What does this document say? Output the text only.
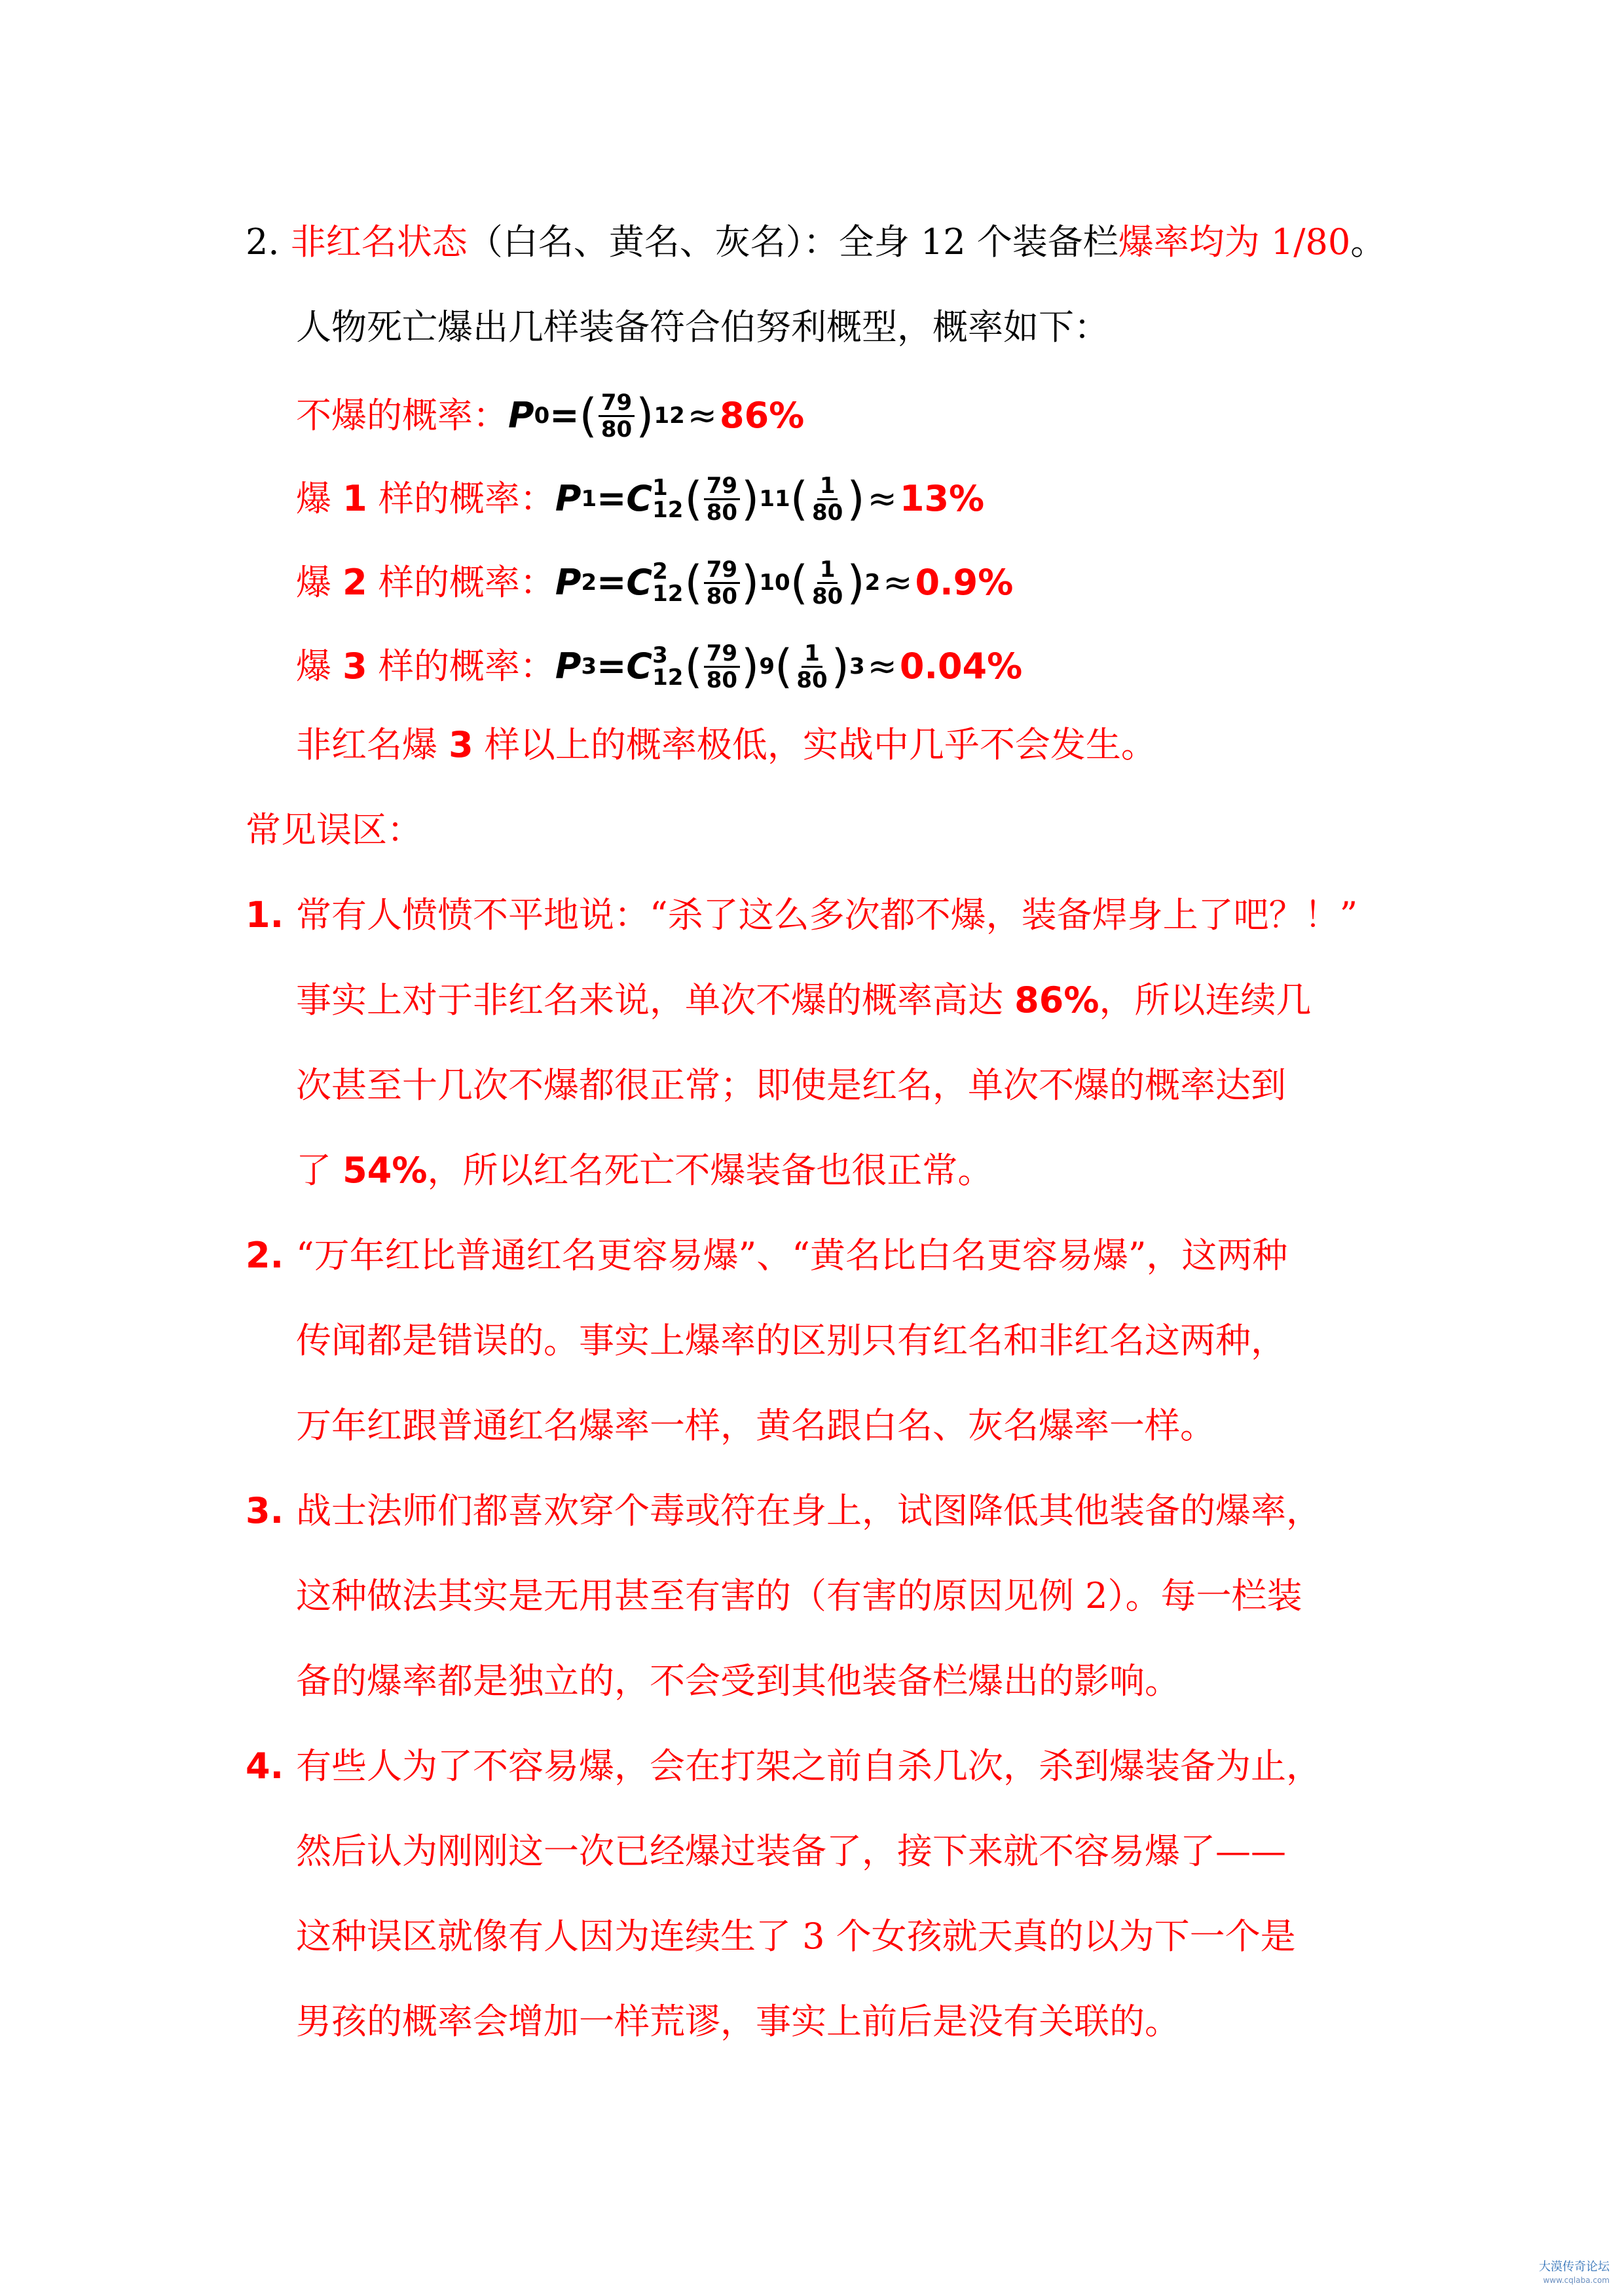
2. 非红名状态（白名、黄名、灰名）：全身 12 个装备栏爆率均为 1/80。
人物死亡爆出几样装备符合伯努利概型，概率如下：
不爆的概率： P 0 = ( $\frac{79}{80}$ ) 12 ≈ 86%
爆 1 样的概率： P 1 = C 1
12 ( $\frac{79}{80}$ ) 11 ( $\frac{1}{80}$ ) ≈ 13%
爆 2 样的概率： P 2 = C 2
12 ( $\frac{79}{80}$ ) 10 ( $\frac{1}{80}$ ) 2 ≈ 0.9%
爆 3 样的概率： P 3 = C 3
12 ( $\frac{79}{80}$ ) 9 ( $\frac{1}{80}$ ) 3 ≈ 0.04%
非红名爆 3 样以上的概率极低，实战中几乎不会发生。
常见误区：
1. 常有人愤愤不平地说：“杀了这么多次都不爆，装备焊身上了吧？！”
事实上对于非红名来说，单次不爆的概率高达 86%，所以连续几
次甚至十几次不爆都很正常；即使是红名，单次不爆的概率达到
了 54%，所以红名死亡不爆装备也很正常。
2. “万年红比普通红名更容易爆”、“黄名比白名更容易爆”，这两种
传闻都是错误的。事实上爆率的区别只有红名和非红名这两种，
万年红跟普通红名爆率一样，黄名跟白名、灰名爆率一样。
3. 战士法师们都喜欢穿个毒或符在身上，试图降低其他装备的爆率，
这种做法其实是无用甚至有害的（有害的原因见例 2）。每一栏装
备的爆率都是独立的，不会受到其他装备栏爆出的影响。
4. 有些人为了不容易爆，会在打架之前自杀几次，杀到爆装备为止，
然后认为刚刚这一次已经爆过装备了，接下来就不容易爆了——
这种误区就像有人因为连续生了 3 个女孩就天真的以为下一个是
男孩的概率会增加一样荒谬，事实上前后是没有关联的。
大漠传奇论坛
www.cqlaba.com
